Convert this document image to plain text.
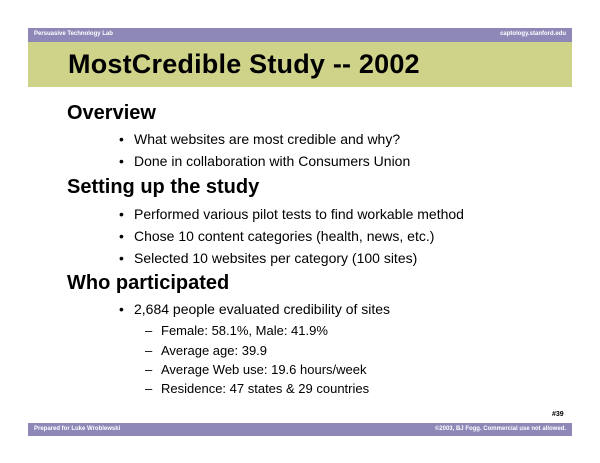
Persuasive Technology Lab	captology.stanford.edu
MostCredible Study -- 2002
Overview
• What websites are most credible and why?
• Done in collaboration with Consumers Union
Setting up the study
• Performed various pilot tests to find workable method
• Chose 10 content categories (health, news, etc.)
• Selected 10 websites per category (100 sites)
Who participated
• 2,684 people evaluated credibility of sites
– Female: 58.1%, Male: 41.9%
– Average age: 39.9
– Average Web use: 19.6 hours/week
– Residence: 47 states & 29 countries
#39
Prepared for Luke Wroblewski	©2003, BJ Fogg. Commercial use not allowed.
